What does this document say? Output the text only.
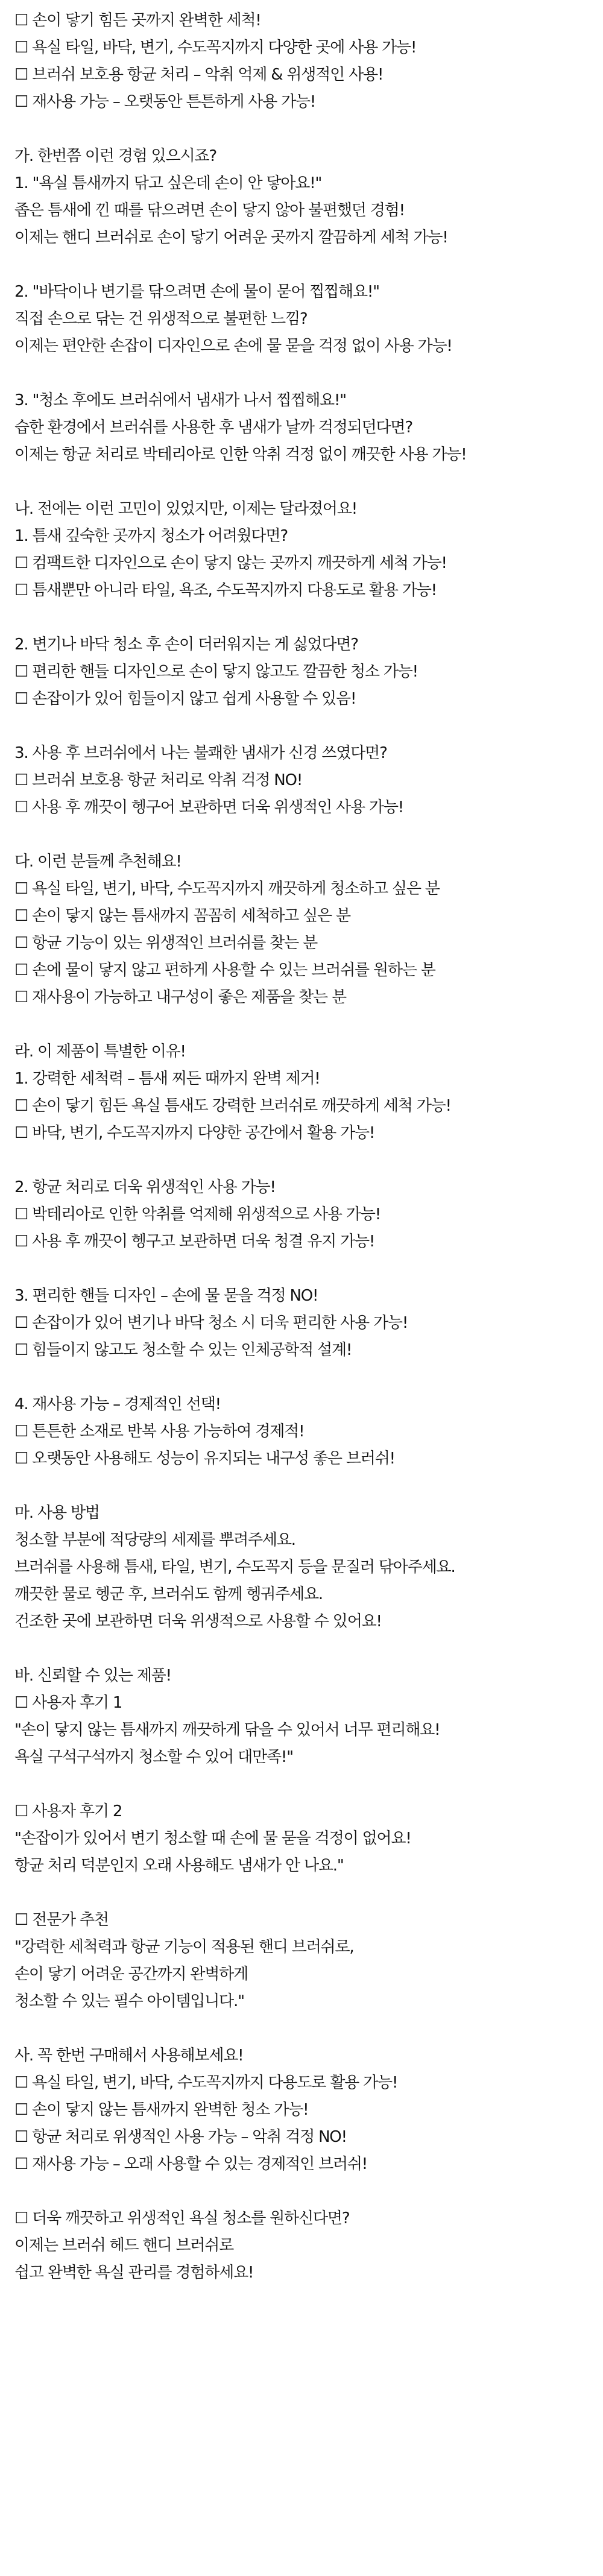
☐ 손이 닿기 힘든 곳까지 완벽한 세척!
☐ 욕실 타일, 바닥, 변기, 수도꼭지까지 다양한 곳에 사용 가능!
☐ 브러쉬 보호용 항균 처리 – 악취 억제 & 위생적인 사용!
☐ 재사용 가능 – 오랫동안 튼튼하게 사용 가능!
가. 한번쯤 이런 경험 있으시죠?
1. "욕실 틈새까지 닦고 싶은데 손이 안 닿아요!"
좁은 틈새에 낀 때를 닦으려면 손이 닿지 않아 불편했던 경험!
이제는 핸디 브러쉬로 손이 닿기 어려운 곳까지 깔끔하게 세척 가능!
2. "바닥이나 변기를 닦으려면 손에 물이 묻어 찝찝해요!"
직접 손으로 닦는 건 위생적으로 불편한 느낌?
이제는 편안한 손잡이 디자인으로 손에 물 묻을 걱정 없이 사용 가능!
3. "청소 후에도 브러쉬에서 냄새가 나서 찝찝해요!"
습한 환경에서 브러쉬를 사용한 후 냄새가 날까 걱정되던다면?
이제는 항균 처리로 박테리아로 인한 악취 걱정 없이 깨끗한 사용 가능!
나. 전에는 이런 고민이 있었지만, 이제는 달라졌어요!
1. 틈새 깊숙한 곳까지 청소가 어려웠다면?
☐ 컴팩트한 디자인으로 손이 닿지 않는 곳까지 깨끗하게 세척 가능!
☐ 틈새뿐만 아니라 타일, 욕조, 수도꼭지까지 다용도로 활용 가능!
2. 변기나 바닥 청소 후 손이 더러워지는 게 싫었다면?
☐ 편리한 핸들 디자인으로 손이 닿지 않고도 깔끔한 청소 가능!
☐ 손잡이가 있어 힘들이지 않고 쉽게 사용할 수 있음!
3. 사용 후 브러쉬에서 나는 불쾌한 냄새가 신경 쓰였다면?
☐ 브러쉬 보호용 항균 처리로 악취 걱정 NO!
☐ 사용 후 깨끗이 헹구어 보관하면 더욱 위생적인 사용 가능!
다. 이런 분들께 추천해요!
☐ 욕실 타일, 변기, 바닥, 수도꼭지까지 깨끗하게 청소하고 싶은 분
☐ 손이 닿지 않는 틈새까지 꼼꼼히 세척하고 싶은 분
☐ 항균 기능이 있는 위생적인 브러쉬를 찾는 분
☐ 손에 물이 닿지 않고 편하게 사용할 수 있는 브러쉬를 원하는 분
☐ 재사용이 가능하고 내구성이 좋은 제품을 찾는 분
라. 이 제품이 특별한 이유!
1. 강력한 세척력 – 틈새 찌든 때까지 완벽 제거!
☐ 손이 닿기 힘든 욕실 틈새도 강력한 브러쉬로 깨끗하게 세척 가능!
☐ 바닥, 변기, 수도꼭지까지 다양한 공간에서 활용 가능!
2. 항균 처리로 더욱 위생적인 사용 가능!
☐ 박테리아로 인한 악취를 억제해 위생적으로 사용 가능!
☐ 사용 후 깨끗이 헹구고 보관하면 더욱 청결 유지 가능!
3. 편리한 핸들 디자인 – 손에 물 묻을 걱정 NO!
☐ 손잡이가 있어 변기나 바닥 청소 시 더욱 편리한 사용 가능!
☐ 힘들이지 않고도 청소할 수 있는 인체공학적 설계!
4. 재사용 가능 – 경제적인 선택!
☐ 튼튼한 소재로 반복 사용 가능하여 경제적!
☐ 오랫동안 사용해도 성능이 유지되는 내구성 좋은 브러쉬!
마. 사용 방법
청소할 부분에 적당량의 세제를 뿌려주세요.
브러쉬를 사용해 틈새, 타일, 변기, 수도꼭지 등을 문질러 닦아주세요.
깨끗한 물로 헹군 후, 브러쉬도 함께 헹궈주세요.
건조한 곳에 보관하면 더욱 위생적으로 사용할 수 있어요!
바. 신뢰할 수 있는 제품!
☐ 사용자 후기 1
"손이 닿지 않는 틈새까지 깨끗하게 닦을 수 있어서 너무 편리해요!
욕실 구석구석까지 청소할 수 있어 대만족!"
☐ 사용자 후기 2
"손잡이가 있어서 변기 청소할 때 손에 물 묻을 걱정이 없어요!
항균 처리 덕분인지 오래 사용해도 냄새가 안 나요."
☐ 전문가 추천
"강력한 세척력과 항균 기능이 적용된 핸디 브러쉬로,
손이 닿기 어려운 공간까지 완벽하게
청소할 수 있는 필수 아이템입니다."
사. 꼭 한번 구매해서 사용해보세요!
☐ 욕실 타일, 변기, 바닥, 수도꼭지까지 다용도로 활용 가능!
☐ 손이 닿지 않는 틈새까지 완벽한 청소 가능!
☐ 항균 처리로 위생적인 사용 가능 – 악취 걱정 NO!
☐ 재사용 가능 – 오래 사용할 수 있는 경제적인 브러쉬!
☐ 더욱 깨끗하고 위생적인 욕실 청소를 원하신다면?
이제는 브러쉬 헤드 핸디 브러쉬로
쉽고 완벽한 욕실 관리를 경험하세요!
